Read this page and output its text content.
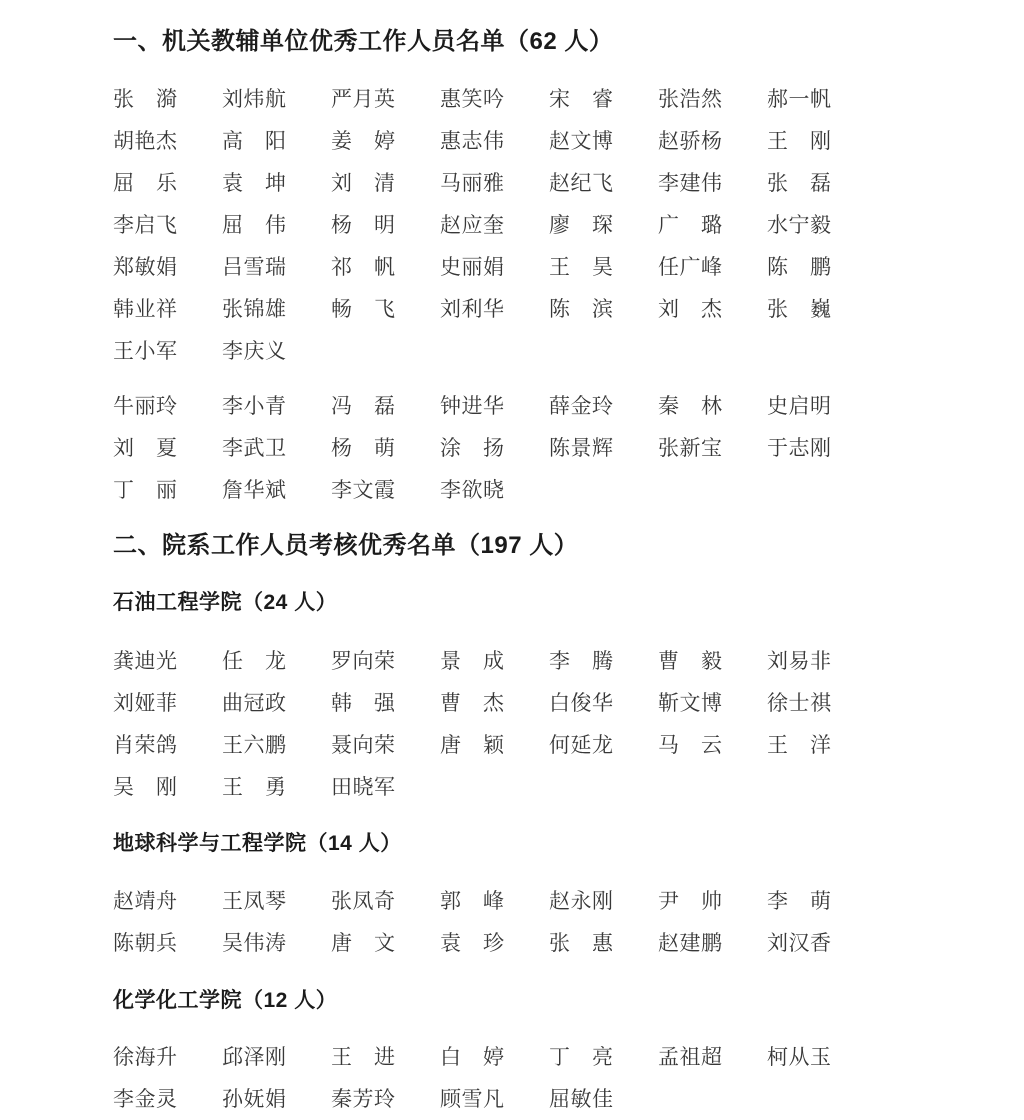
一、机关教辅单位优秀工作人员名单（62 人）
张 漪 刘 炜 航 严 月 英 惠 笑 吟 宋 睿 张 浩 然 郝 一 帆
胡 艳 杰 高 阳 姜 婷 惠 志 伟 赵 文 博 赵 骄 杨 王 刚
屈 乐 袁 坤 刘 清 马 丽 雅 赵 纪 飞 李 建 伟 张 磊
李 启 飞 屈 伟 杨 明 赵 应 奎 廖 琛 广 璐 水 宁 毅
郑 敏 娟 吕 雪 瑞 祁 帆 史 丽 娟 王 昊 任 广 峰 陈 鹏
韩 业 祥 张 锦 雄 畅 飞 刘 利 华 陈 滨 刘 杰 张 巍
王 小 军 李 庆 义
牛 丽 玲 李 小 青 冯 磊 钟 进 华 薛 金 玲 秦 林 史 启 明
刘 夏 李 武 卫 杨 萌 涂 扬 陈 景 辉 张 新 宝 于 志 刚
丁 丽 詹 华 斌 李 文 霞 李 欲 晓
二、院系工作人员考核优秀名单（197 人）
石油工程学院（24 人）
龚 迪 光 任 龙 罗 向 荣 景 成 李 腾 曹 毅 刘 易 非
刘 娅 菲 曲 冠 政 韩 强 曹 杰 白 俊 华 靳 文 博 徐 士 祺
肖 荣 鸽 王 六 鹏 聂 向 荣 唐 颖 何 延 龙 马 云 王 洋
吴 刚 王 勇 田 晓 军
地球科学与工程学院（14 人）
赵 靖 舟 王 凤 琴 张 凤 奇 郭 峰 赵 永 刚 尹 帅 李 萌
陈 朝 兵 吴 伟 涛 唐 文 袁 珍 张 惠 赵 建 鹏 刘 汉 香
化学化工学院（12 人）
徐 海 升 邱 泽 刚 王 进 白 婷 丁 亮 孟 祖 超 柯 从 玉
李 金 灵 孙 妩 娟 秦 芳 玲 顾 雪 凡 屈 敏 佳
